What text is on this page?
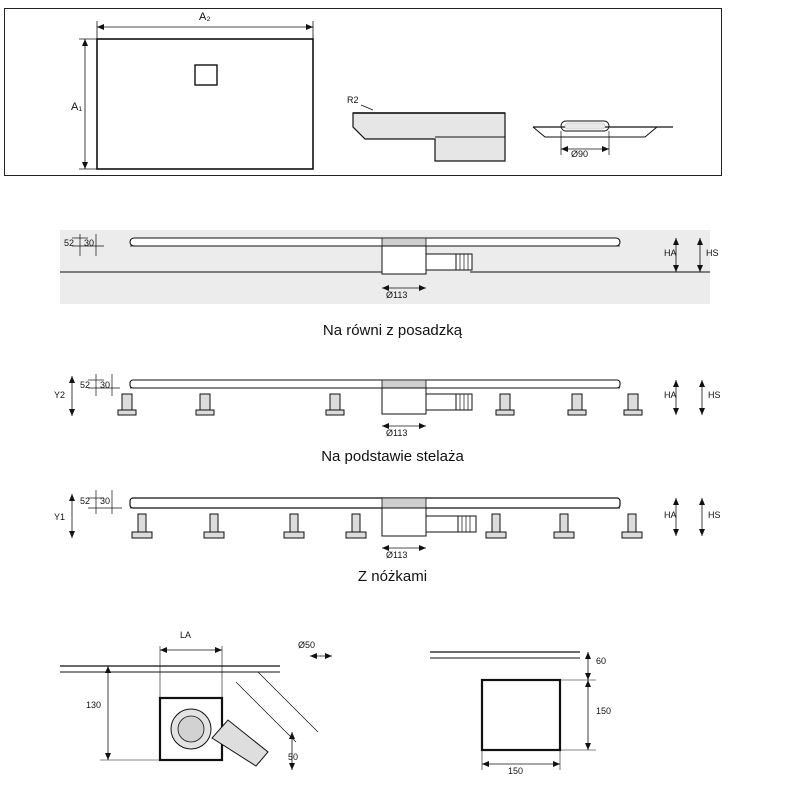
A₂
A₁
R2
Ø90
52 30
Ø113
HA	HS
Na równi z posadzką
Y2
52 30
Ø113
HA	HS
Na podstawie stelaża
Y1
52 30
Ø113
HA	HS
Z nóżkami
LA
Ø50
130
50
60
150
150
